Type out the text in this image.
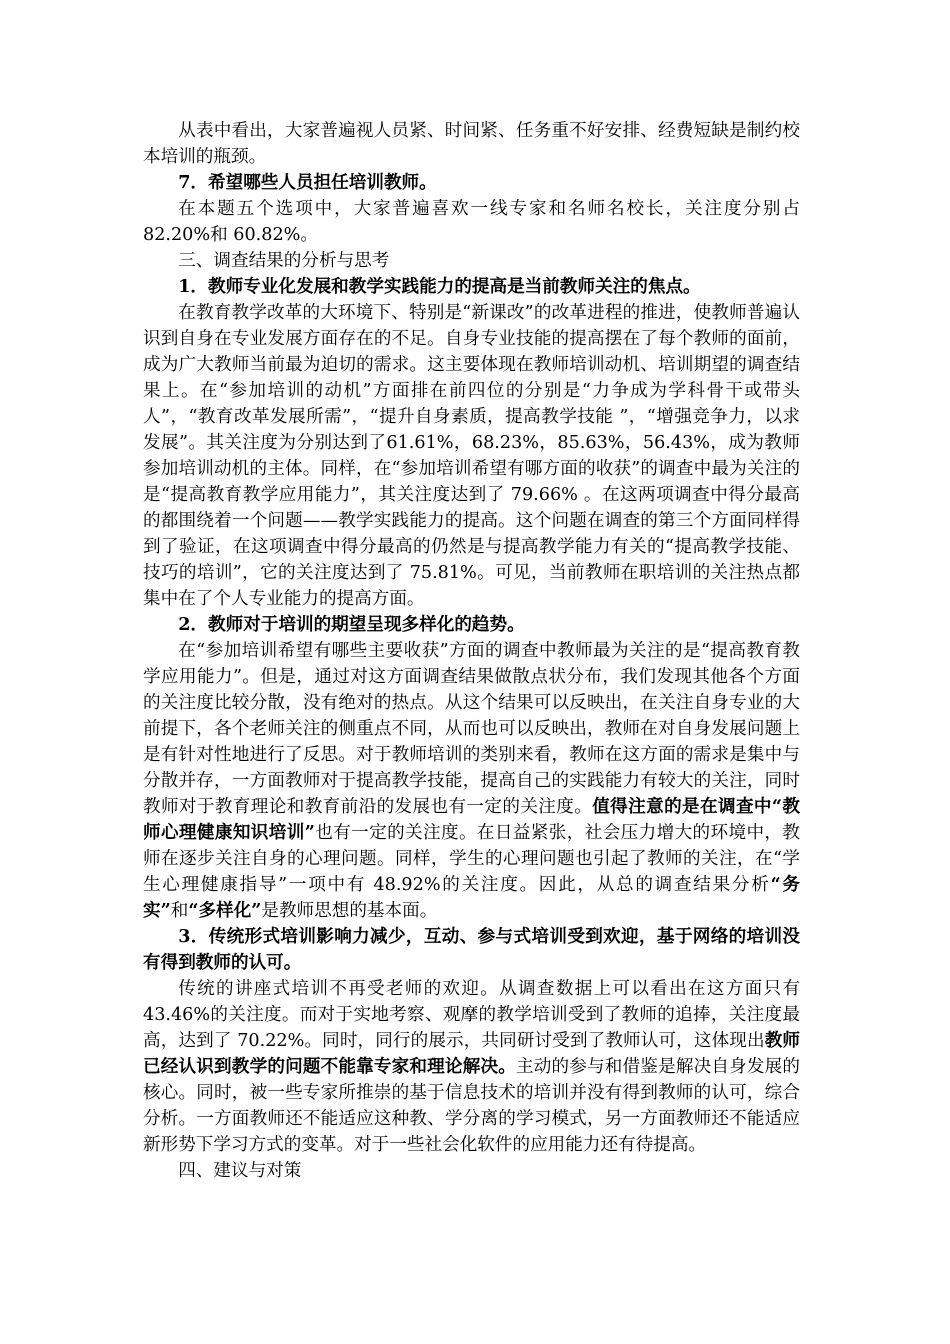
从表中看出，大家普遍视人员紧、时间紧、任务重不好安排、经费短缺是制约校本培训的瓶颈。

7．希望哪些人员担任培训教师。

在本题五个选项中，大家普遍喜欢一线专家和名师名校长，关注度分别占 82.20%和 60.82%。

三、调查结果的分析与思考

1．教师专业化发展和教学实践能力的提高是当前教师关注的焦点。

在教育教学改革的大环境下、特别是“新课改”的改革进程的推进，使教师普遍认识到自身在专业发展方面存在的不足。自身专业技能的提高摆在了每个教师的面前，成为广大教师当前最为迫切的需求。这主要体现在教师培训动机、培训期望的调查结果上。在“参加培训的动机”方面排在前四位的分别是“力争成为学科骨干或带头人”，“教育改革发展所需”，“提升自身素质，提高教学技能 ”，“增强竞争力，以求发展”。其关注度为分别达到了61.61%，68.23%，85.63%，56.43%，成为教师参加培训动机的主体。同样，在“参加培训希望有哪方面的收获”的调查中最为关注的是“提高教育教学应用能力”，其关注度达到了 79.66% 。在这两项调查中得分最高的都围绕着一个问题——教学实践能力的提高。这个问题在调查的第三个方面同样得到了验证，在这项调查中得分最高的仍然是与提高教学能力有关的“提高教学技能、技巧的培训”，它的关注度达到了 75.81%。可见，当前教师在职培训的关注热点都集中在了个人专业能力的提高方面。

2．教师对于培训的期望呈现多样化的趋势。

在“参加培训希望有哪些主要收获”方面的调查中教师最为关注的是“提高教育教学应用能力”。但是，通过对这方面调查结果做散点状分布，我们发现其他各个方面的关注度比较分散，没有绝对的热点。从这个结果可以反映出，在关注自身专业的大前提下，各个老师关注的侧重点不同，从而也可以反映出，教师在对自身发展问题上是有针对性地进行了反思。对于教师培训的类别来看，教师在这方面的需求是集中与分散并存，一方面教师对于提高教学技能，提高自己的实践能力有较大的关注，同时教师对于教育理论和教育前沿的发展也有一定的关注度。值得注意的是在调查中“教师心理健康知识培训”也有一定的关注度。在日益紧张，社会压力增大的环境中，教师在逐步关注自身的心理问题。同样，学生的心理问题也引起了教师的关注，在“学生心理健康指导”一项中有 48.92%的关注度。因此，从总的调查结果分析“务实”和“多样化”是教师思想的基本面。

3．传统形式培训影响力减少，互动、参与式培训受到欢迎，基于网络的培训没有得到教师的认可。

传统的讲座式培训不再受老师的欢迎。从调查数据上可以看出在这方面只有 43.46%的关注度。而对于实地考察、观摩的教学培训受到了教师的追捧，关注度最高，达到了 70.22%。同时，同行的展示，共同研讨受到了教师认可，这体现出教师已经认识到教学的问题不能靠专家和理论解决。主动的参与和借鉴是解决自身发展的核心。同时，被一些专家所推崇的基于信息技术的培训并没有得到教师的认可，综合分析。一方面教师还不能适应这种教、学分离的学习模式，另一方面教师还不能适应新形势下学习方式的变革。对于一些社会化软件的应用能力还有待提高。

四、建议与对策
